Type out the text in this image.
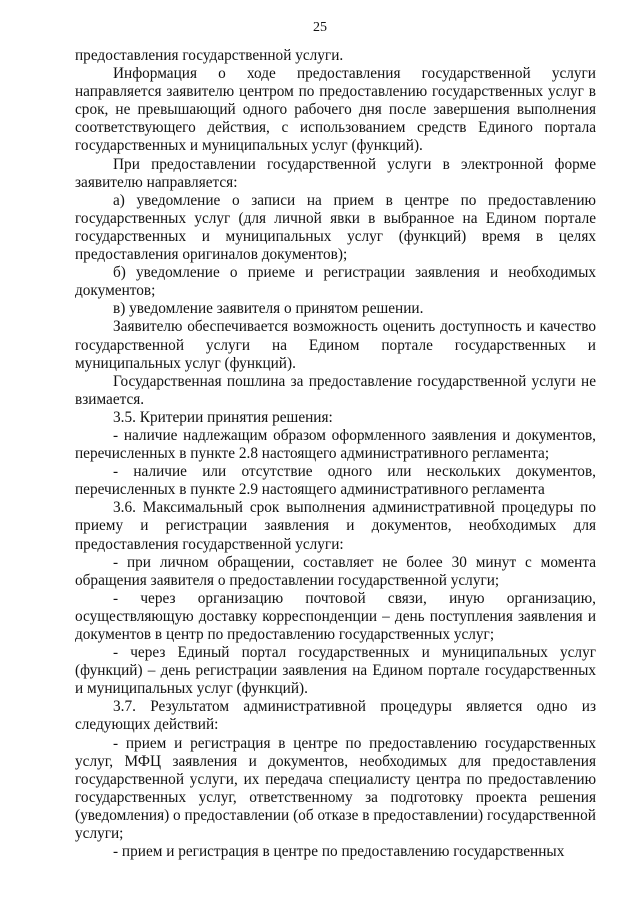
25

предоставления государственной услуги.

Информация о ходе предоставления государственной услуги направляется заявителю центром по предоставлению государственных услуг в срок, не превышающий одного рабочего дня после завершения выполнения соответствующего действия, с использованием средств Единого портала государственных и муниципальных услуг (функций).

При предоставлении государственной услуги в электронной форме заявителю направляется:

а) уведомление о записи на прием в центре по предоставлению государственных услуг (для личной явки в выбранное на Едином портале государственных и муниципальных услуг (функций) время в целях предоставления оригиналов документов);

б) уведомление о приеме и регистрации заявления и необходимых документов;

в) уведомление заявителя о принятом решении.

Заявителю обеспечивается возможность оценить доступность и качество государственной услуги на Едином портале государственных и муниципальных услуг (функций).

Государственная пошлина за предоставление государственной услуги не взимается.

3.5. Критерии принятия решения:

- наличие надлежащим образом оформленного заявления и документов, перечисленных в пункте 2.8 настоящего административного регламента;

- наличие или отсутствие одного или нескольких документов, перечисленных в пункте 2.9 настоящего административного регламента

3.6. Максимальный срок выполнения административной процедуры по приему и регистрации заявления и документов, необходимых для предоставления государственной услуги:

- при личном обращении, составляет не более 30 минут с момента обращения заявителя о предоставлении государственной услуги;

- через организацию почтовой связи, иную организацию, осуществляющую доставку корреспонденции – день поступления заявления и документов в центр по предоставлению государственных услуг;

- через Единый портал государственных и муниципальных услуг (функций) – день регистрации заявления на Едином портале государственных и муниципальных услуг (функций).

3.7. Результатом административной процедуры является одно из следующих действий:

- прием и регистрация в центре по предоставлению государственных услуг, МФЦ заявления и документов, необходимых для предоставления государственной услуги, их передача специалисту центра по предоставлению государственных услуг, ответственному за подготовку проекта решения (уведомления) о предоставлении (об отказе в предоставлении) государственной услуги;

- прием и регистрация в центре по предоставлению государственных
